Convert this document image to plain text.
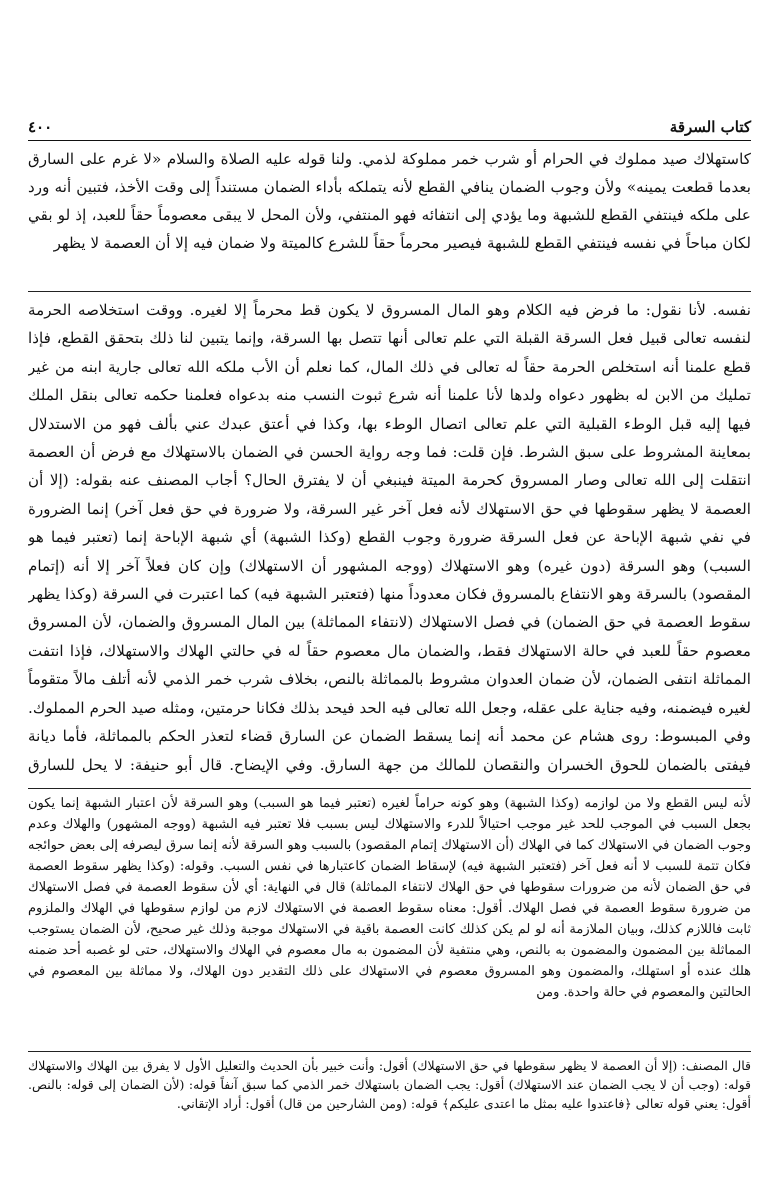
كتاب السرقة
٤٠٠
كاستهلاك صيد مملوك في الحرام أو شرب خمر مملوكة لذمي. ولنا قوله عليه الصلاة والسلام «لا غرم على السارق بعدما قطعت يمينه» ولأن وجوب الضمان ينافي القطع لأنه يتملكه بأداء الضمان مستنداً إلى وقت الأخذ، فتبين أنه ورد على ملكه فينتفي القطع للشبهة وما يؤدي إلى انتفائه فهو المنتفي، ولأن المحل لا يبقى معصوماً حقاً للعبد، إذ لو بقي لكان مباحاً في نفسه فينتفي القطع للشبهة فيصير محرماً حقاً للشرع كالميتة ولا ضمان فيه إلا أن العصمة لا يظهر
نفسه. لأنا نقول: ما فرض فيه الكلام وهو المال المسروق لا يكون قط محرماً إلا لغيره. ووقت استخلاصه الحرمة لنفسه تعالى قبيل فعل السرقة القبلة التي علم تعالى أنها تتصل بها السرقة، وإنما يتبين لنا ذلك بتحقق القطع، فإذا قطع علمنا أنه استخلص الحرمة حقاً له تعالى في ذلك المال، كما نعلم أن الأب ملكه الله تعالى جارية ابنه من غير تمليك من الابن له بظهور دعواه ولدها لأنا علمنا أنه شرع ثبوت النسب منه بدعواه فعلمنا حكمه تعالى بنقل الملك فيها إليه قبل الوطء القبلية التي علم تعالى اتصال الوطء بها، وكذا في أعتق عبدك عني بألف فهو من الاستدلال بمعاينة المشروط على سبق الشرط. فإن قلت: فما وجه رواية الحسن في الضمان بالاستهلاك مع فرض أن العصمة انتقلت إلى الله تعالى وصار المسروق كحرمة الميتة فينبغي أن لا يفترق الحال؟ أجاب المصنف عنه بقوله: (إلا أن العصمة لا يظهر سقوطها في حق الاستهلاك لأنه فعل آخر غير السرقة، ولا ضرورة في حق فعل آخر) إنما الضرورة في نفي شبهة الإباحة عن فعل السرقة ضرورة وجوب القطع (وكذا الشبهة) أي شبهة الإباحة إنما (تعتبر فيما هو السبب) وهو السرقة (دون غيره) وهو الاستهلاك (ووجه المشهور أن الاستهلاك) وإن كان فعلاً آخر إلا أنه (إتمام المقصود) بالسرقة وهو الانتفاع بالمسروق فكان معدوداً منها (فتعتبر الشبهة فيه) كما اعتبرت في السرقة (وكذا يظهر سقوط العصمة في حق الضمان) في فصل الاستهلاك (لانتفاء المماثلة) بين المال المسروق والضمان، لأن المسروق معصوم حقاً للعبد في حالة الاستهلاك فقط، والضمان مال معصوم حقاً له في حالتي الهلاك والاستهلاك، فإذا انتفت المماثلة انتفى الضمان، لأن ضمان العدوان مشروط بالمماثلة بالنص، بخلاف شرب خمر الذمي لأنه أتلف مالاً متقوماً لغيره فيضمنه، وفيه جناية على عقله، وجعل الله تعالى فيه الحد فيحد بذلك فكانا حرمتين، ومثله صيد الحرم المملوك. وفي المبسوط: روى هشام عن محمد أنه إنما يسقط الضمان عن السارق قضاء لتعذر الحكم بالمماثلة، فأما ديانة فيفتى بالضمان للحوق الخسران والنقصان للمالك من جهة السارق. وفي الإيضاح. قال أبو حنيفة: لا يحل للسارق
لأنه ليس القطع ولا من لوازمه (وكذا الشبهة) وهو كونه حراماً لغيره (تعتبر فيما هو السبب) وهو السرقة لأن اعتبار الشبهة إنما يكون بجعل السبب في الموجب للحد غير موجب احتيالاً للدرء والاستهلاك ليس بسبب فلا تعتبر فيه الشبهة (ووجه المشهور) والهلاك وعدم وجوب الضمان في الاستهلاك كما في الهلاك (أن الاستهلاك إتمام المقصود) بالسبب وهو السرقة لأنه إنما سرق ليصرفه إلى بعض حوائجه فكان تتمة للسبب لا أنه فعل آخر (فتعتبر الشبهة فيه) لإسقاط الضمان كاعتبارها في نفس السبب. وقوله: (وكذا يظهر سقوط العصمة في حق الضمان لأنه من ضرورات سقوطها في حق الهلاك لانتفاء المماثلة) قال في النهاية: أي لأن سقوط العصمة في فصل الاستهلاك من ضرورة سقوط العصمة في فصل الهلاك. أقول: معناه سقوط العصمة في الاستهلاك لازم من لوازم سقوطها في الهلاك والملزوم ثابت فاللازم كذلك، وبيان الملازمة أنه لو لم يكن كذلك كانت العصمة باقية في الاستهلاك موجبة وذلك غير صحيح، لأن الضمان يستوجب المماثلة بين المضمون والمضمون به بالنص، وهي منتفية لأن المضمون به مال معصوم في الهلاك والاستهلاك، حتى لو غصبه أحد ضمنه هلك عنده أو استهلك، والمضمون وهو المسروق معصوم في الاستهلاك على ذلك التقدير دون الهلاك، ولا مماثلة بين المعصوم في الحالتين والمعصوم في حالة واحدة. ومن
قال المصنف: (إلا أن العصمة لا يظهر سقوطها في حق الاستهلاك) أقول: وأنت خبير بأن الحديث والتعليل الأول لا يفرق بين الهلاك والاستهلاك قوله: (وجب أن لا يجب الضمان عند الاستهلاك) أقول: يجب الضمان باستهلاك خمر الذمي كما سبق آنفاً قوله: (لأن الضمان إلى قوله: بالنص. أقول: يعني قوله تعالى ﴿فاعتدوا عليه بمثل ما اعتدى عليكم﴾ قوله: (ومن الشارحين من قال) أقول: أراد الإتقاني.
